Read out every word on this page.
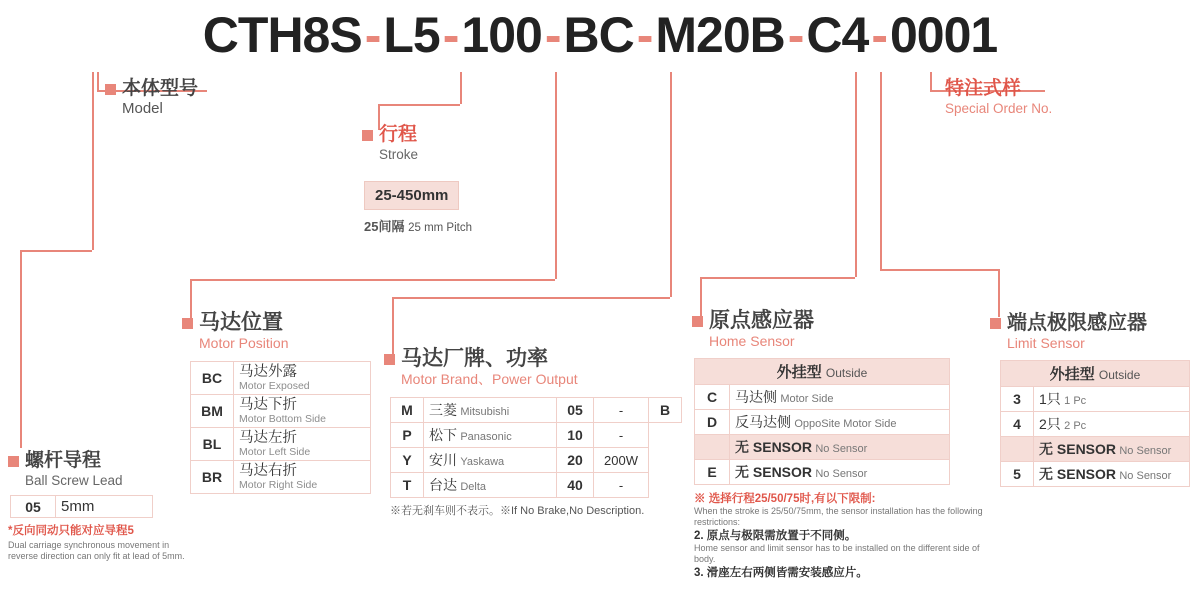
CTH8S-L5-100-BC-M20B-C4-0001
本体型号
Model
特注式样
Special Order No.
行程
Stroke
25-450mm
25间隔 25 mm Pitch
螺杆导程
Ball Screw Lead
05	5mm
*反向同动只能对应导程5
Dual carriage synchronous movement in reverse direction can only fit at lead of 5mm.
马达位置
Motor Position
BC	马达外露
Motor Exposed

BM	马达下折
Motor Bottom Side

BL	马达左折
Motor Left Side

BR	马达右折
Motor Right Side
马达厂牌、功率
Motor Brand、Power Output
M	三菱 Mitsubishi	05	-	B
P	松下 Panasonic	10	-	
Y	安川 Yaskawa	20	200W	
T	台达 Delta	40	-	
※若无刹车则不表示。※If No Brake,No Description.
原点感应器
Home Sensor
外挂型 Outside	
C	马达侧 Motor Side
D	反马达侧 OppoSite Motor Side
	无 SENSOR No Sensor
E	无 SENSOR No Sensor
※ 选择行程25/50/75时,有以下限制:
When the stroke is 25/50/75mm, the sensor installation has the following restrictions:
2. 原点与极限需放置于不同侧。
Home sensor and limit sensor has to be installed on the different side of body.
3. 滑座左右两侧皆需安装感应片。
端点极限感应器
Limit Sensor
外挂型 Outside	
3	1只 1 Pc
4	2只 2 Pc
	无 SENSOR No Sensor
5	无 SENSOR No Sensor
